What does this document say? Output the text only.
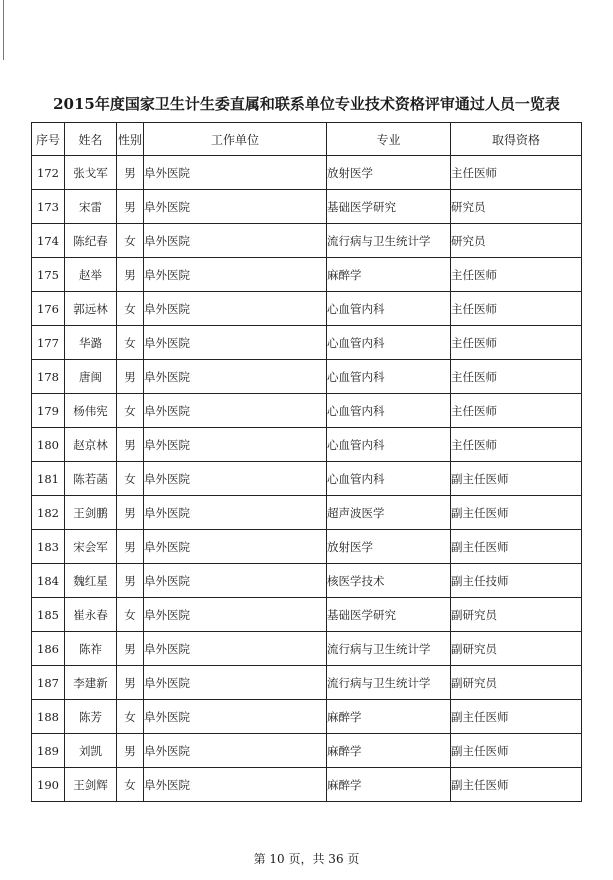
2015年度国家卫生计生委直属和联系单位专业技术资格评审通过人员一览表
序号	姓名	性别	工作单位	专业	取得资格
172	张戈军	男	阜外医院	放射医学	主任医师
173	宋雷	男	阜外医院	基础医学研究	研究员
174	陈纪春	女	阜外医院	流行病与卫生统计学	研究员
175	赵举	男	阜外医院	麻醉学	主任医师
176	郭远林	女	阜外医院	心血管内科	主任医师
177	华潞	女	阜外医院	心血管内科	主任医师
178	唐闽	男	阜外医院	心血管内科	主任医师
179	杨伟宪	女	阜外医院	心血管内科	主任医师
180	赵京林	男	阜外医院	心血管内科	主任医师
181	陈若菡	女	阜外医院	心血管内科	副主任医师
182	王剑鹏	男	阜外医院	超声波医学	副主任医师
183	宋会军	男	阜外医院	放射医学	副主任医师
184	魏红星	男	阜外医院	核医学技术	副主任技师
185	崔永春	女	阜外医院	基础医学研究	副研究员
186	陈祚	男	阜外医院	流行病与卫生统计学	副研究员
187	李建新	男	阜外医院	流行病与卫生统计学	副研究员
188	陈芳	女	阜外医院	麻醉学	副主任医师
189	刘凯	男	阜外医院	麻醉学	副主任医师
190	王剑辉	女	阜外医院	麻醉学	副主任医师
第 10 页，共 36 页
